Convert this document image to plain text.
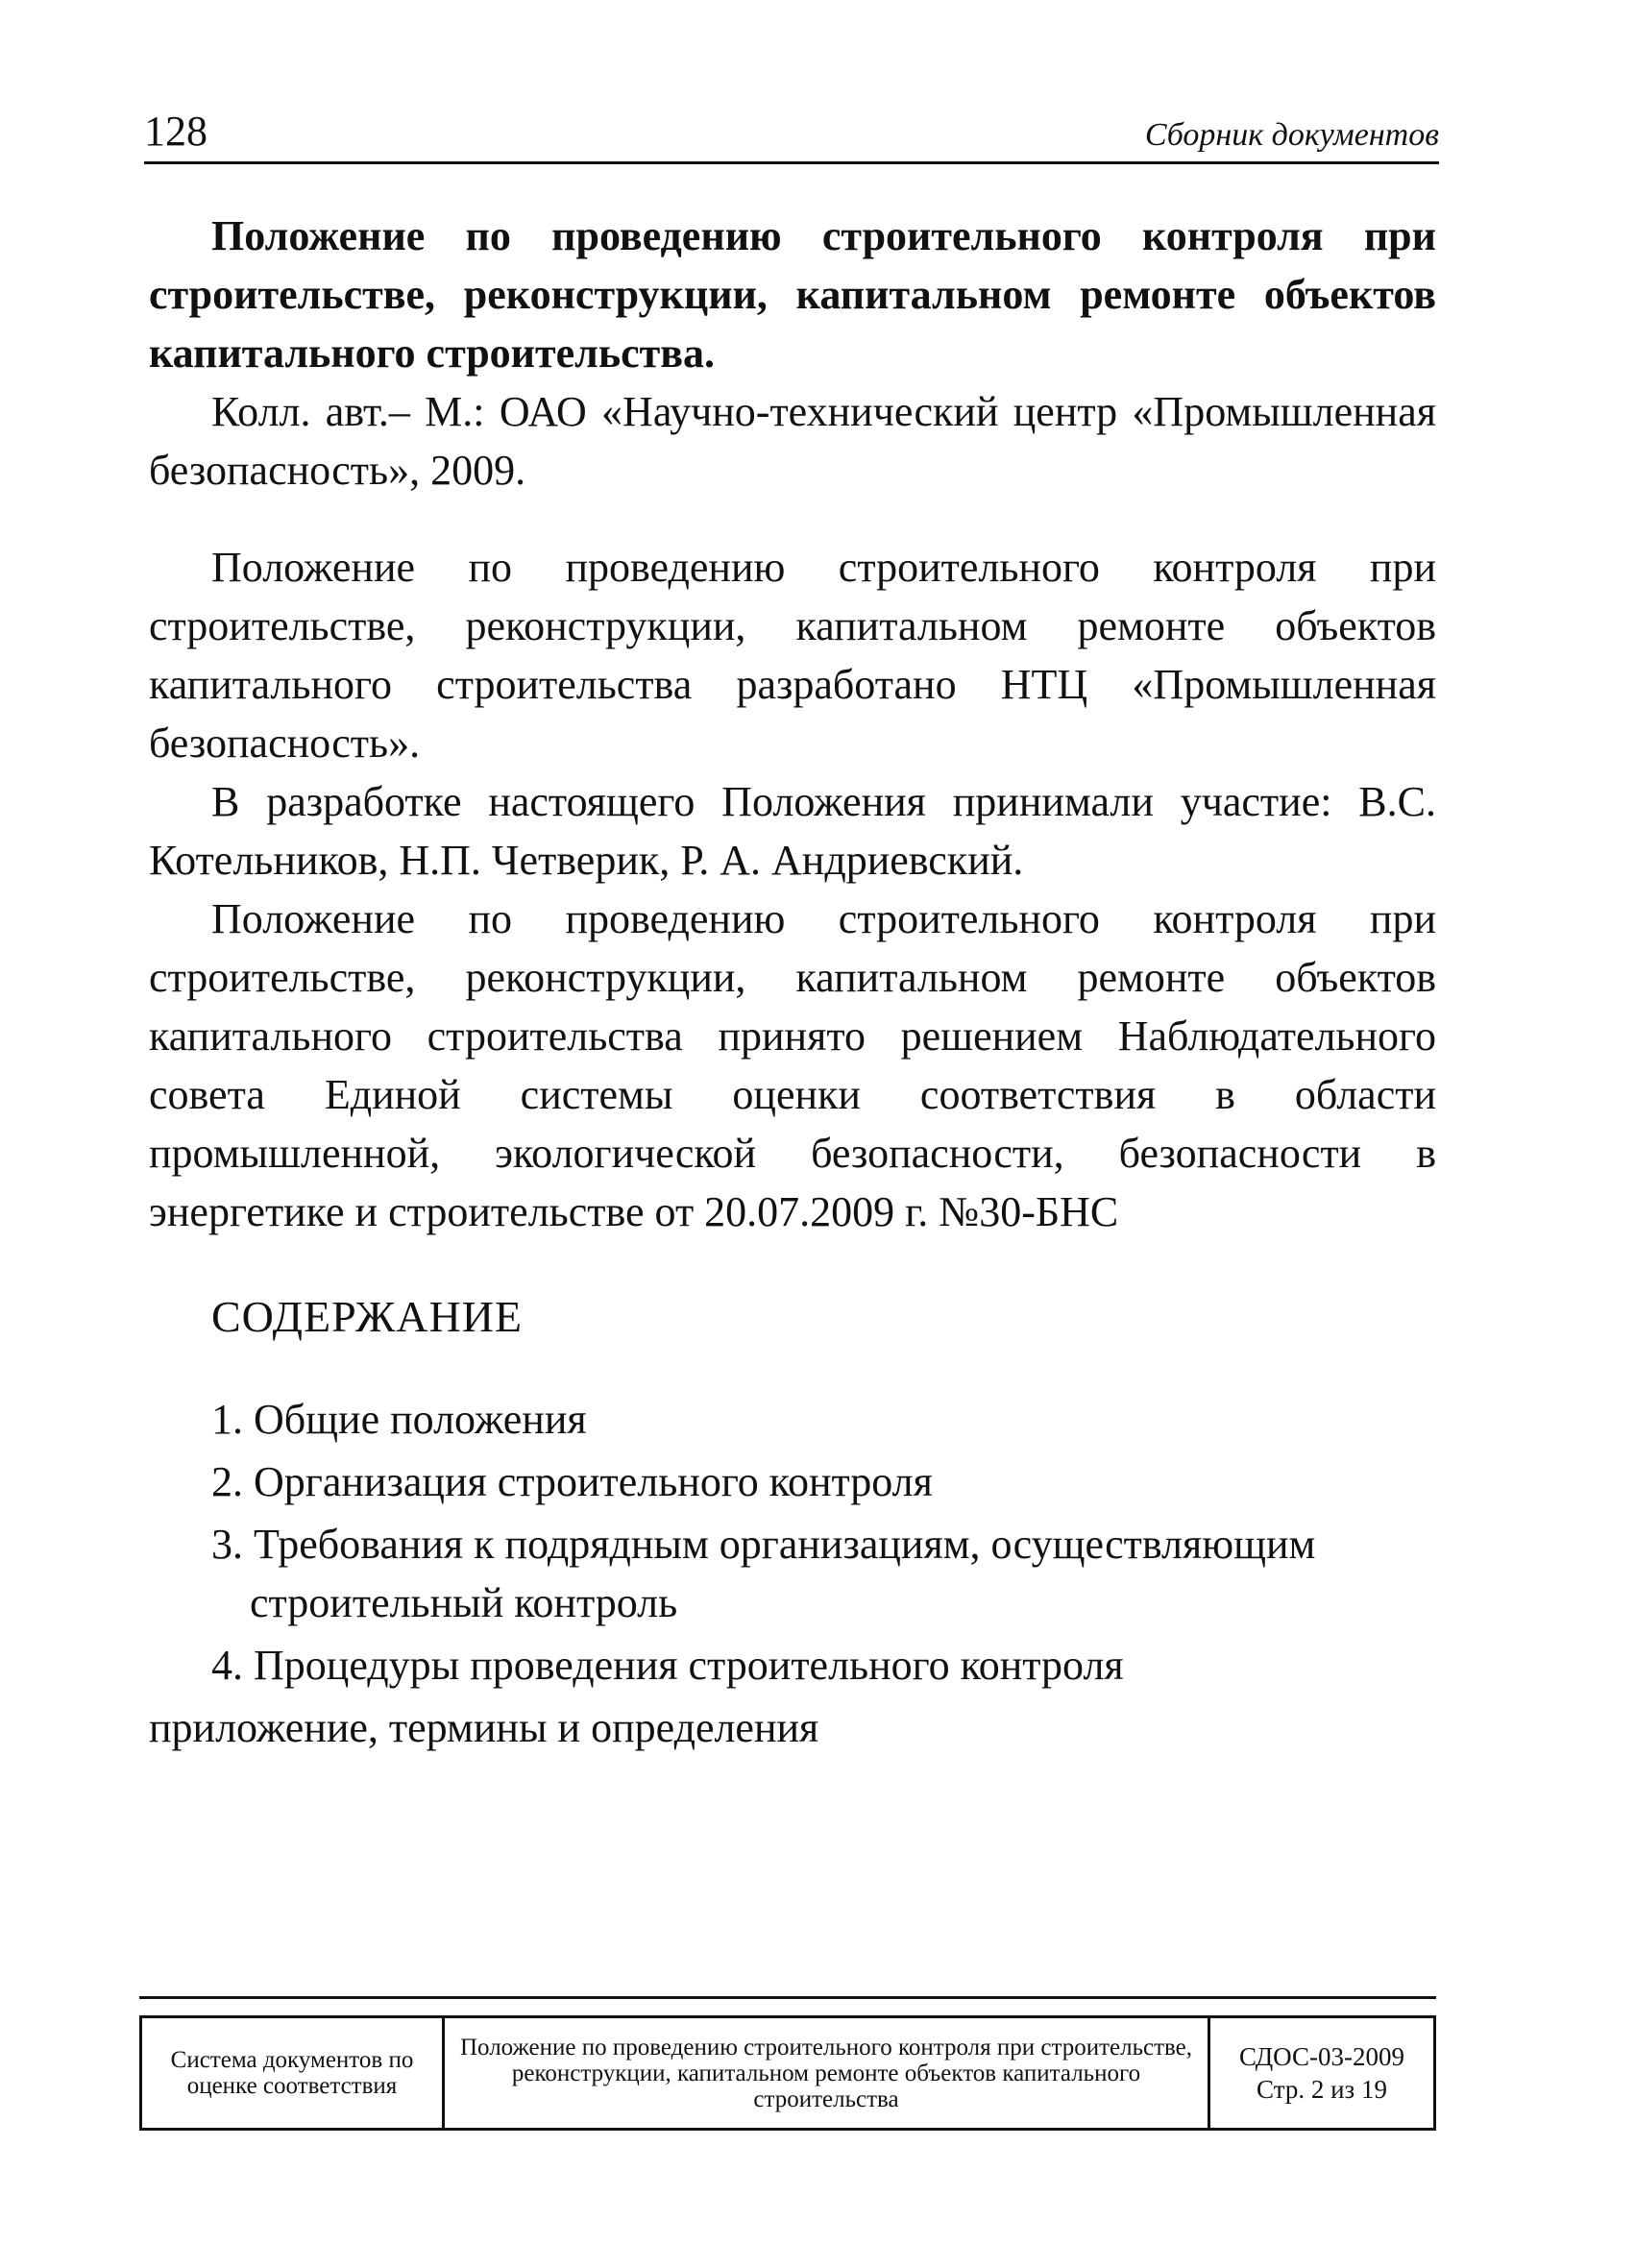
128	Сборник документов

Положение по проведению строительного контроля при строительстве, реконструкции, капитальном ремонте объектов капитального строительства.

Колл. авт.– М.: ОАО «Научно-технический центр «Промышленная безопасность», 2009.

Положение по проведению строительного контроля при строительстве, реконструкции, капитальном ремонте объектов капитального строительства разработано НТЦ «Промышленная безопасность».

В разработке настоящего Положения принимали участие: В.С. Котельников, Н.П. Четверик, Р. А. Андриевский.

Положение по проведению строительного контроля при строительстве, реконструкции, капитальном ремонте объектов капитального строительства принято решением Наблюдательного совета Единой системы оценки соответствия в области промышленной, экологической безопасности, безопасности в энергетике и строительстве от 20.07.2009 г. №30-БНС

СОДЕРЖАНИЕ
1. Общие положения
2. Организация строительного контроля
3. Требования к подрядным организациям, осуществляющим строительный контроль
4. Процедуры проведения строительного контроля
приложение, термины и определения
Система документов по оценке соответствия
Положение по проведению строительного контроля при строительстве, реконструкции, капитальном ремонте объектов капитального строительства
СДОС-03-2009
Стр. 2 из 19
